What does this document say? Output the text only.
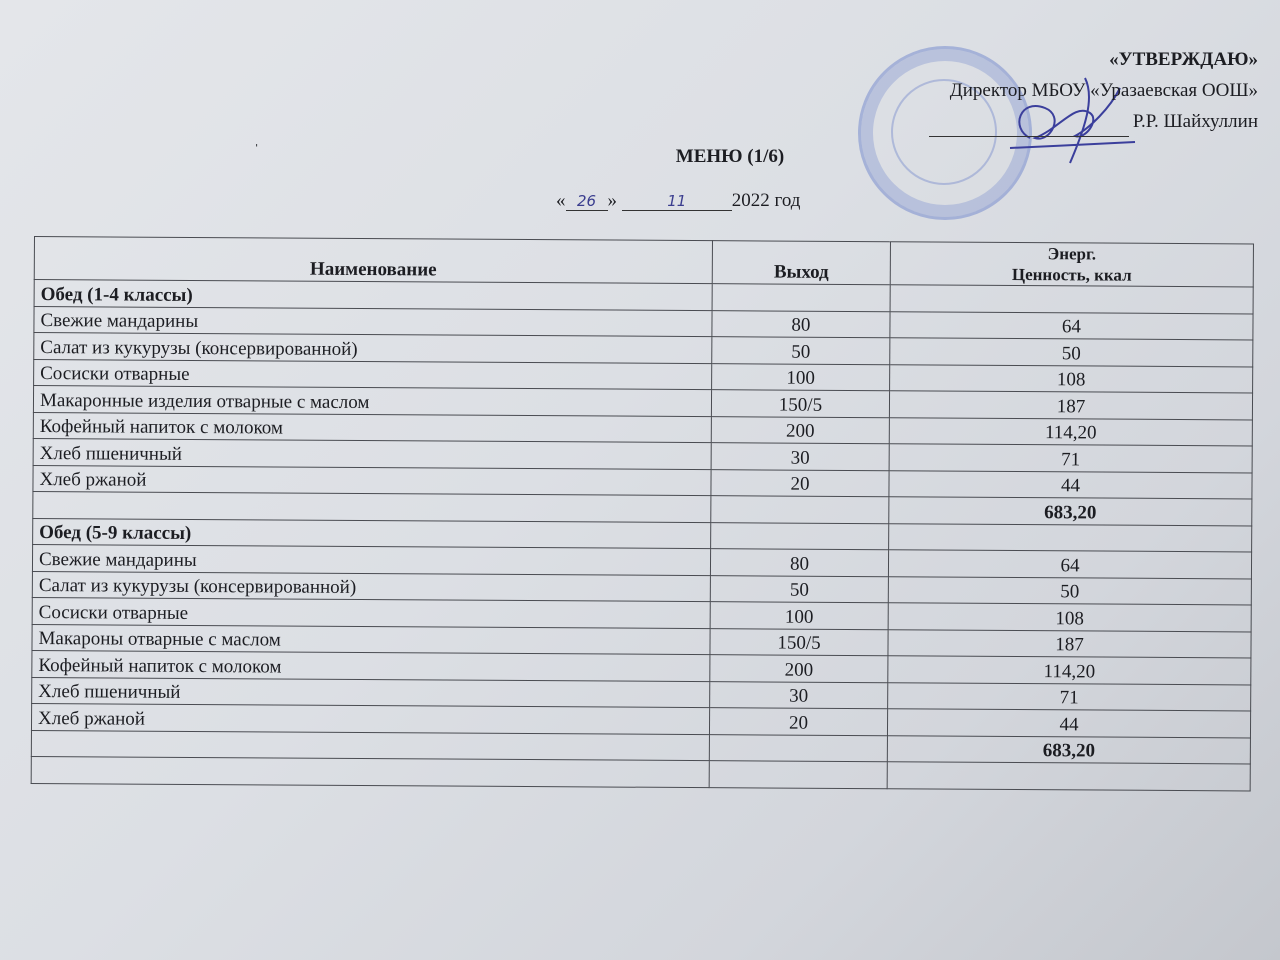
«УТВЕРЖДАЮ»
Директор МБОУ «Уразаевская ООШ»
Р.Р. Шайхуллин
ˌ
МЕНЮ (1/6)
« 26 »	11 2022 год
Наименование	Выход	Энерг.
Ценность, ккал
Обед (1-4 классы)		
Свежие мандарины	80	64
Салат из кукурузы (консервированной)	50	50
Сосиски отварные	100	108
Макаронные изделия отварные с маслом	150/5	187
Кофейный напиток с молоком	200	114,20
Хлеб пшеничный	30	71
Хлеб ржаной	20	44
		683,20
Обед (5-9 классы)		
Свежие мандарины	80	64
Салат из кукурузы (консервированной)	50	50
Сосиски отварные	100	108
Макароны отварные с маслом	150/5	187
Кофейный напиток с молоком	200	114,20
Хлеб пшеничный	30	71
Хлеб ржаной	20	44
		683,20
